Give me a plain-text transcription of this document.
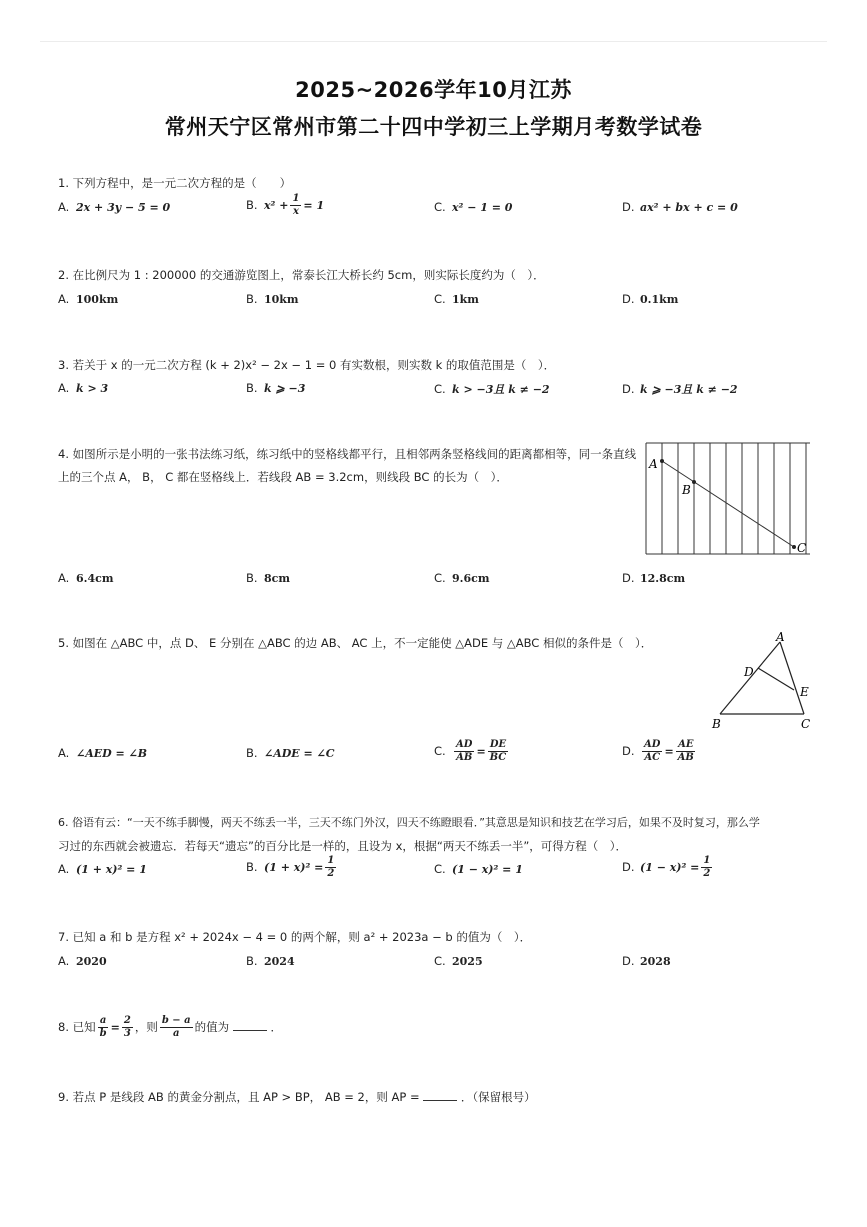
2025~2026学年10月江苏
常州天宁区常州市第二十四中学初三上学期月考数学试卷
1. 下列方程中，是一元二次方程的是（　　）
A. 2x + 3y − 5 = 0	B. $x^2 + \frac{1}{x} = 1$	C. x² − 1 = 0	D. ax² + bx + c = 0
2. 在比例尺为 1 : 200000 的交通游览图上，常泰长江大桥长约 5cm，则实际长度约为（　）．
A. 100km	B. 10km	C. 1km	D. 0.1km
3. 若关于 x 的一元二次方程 (k + 2)x² − 2x − 1 = 0 有实数根，则实数 k 的取值范围是（　）．
A. k > 3	B. k ⩾ −3	C. k > −3且 k ≠ −2	D. k ⩾ −3且 k ≠ −2
4. 如图所示是小明的一张书法练习纸，练习纸中的竖格线都平行，且相邻两条竖格线间的距离都相等，同一条直线
上的三个点 A， B， C 都在竖格线上．若线段 AB = 3.2cm，则线段 BC 的长为（　）．
A
B
C
A. 6.4cm	B. 8cm	C. 9.6cm	D. 12.8cm
5. 如图在 △ABC 中，点 D、 E 分别在 △ABC 的边 AB、 AC 上，不一定能使 △ADE 与 △ABC 相似的条件是（　）．	A
D
E
B	C
A. ∠AED = ∠B	B. ∠ADE = ∠C	C. $\frac{AD}{AB} = \frac{DE}{BC}$	D. $\frac{AD}{AC} = \frac{AE}{AB}$
6. 俗语有云：“一天不练手脚慢，两天不练丢一半，三天不练门外汉，四天不练瞪眼看．”其意思是知识和技艺在学习后，如果不及时复习，那么学
习过的东西就会被遗忘．若每天“遗忘”的百分比是一样的，且设为 x，根据“两天不练丢一半”，可得方程（　）．
A. (1 + x)² = 1	B. $(1 + x)^2 = \frac{1}{2}$	C. (1 − x)² = 1	D. $(1 - x)^2 = \frac{1}{2}$
7. 已知 a 和 b 是方程 x² + 2024x − 4 = 0 的两个解，则 a² + 2023a − b 的值为（　）．
A. 2020	B. 2024	C. 2025	D. 2028
8. 已知 $\frac{a}{b} = \frac{2}{3}$ ，则 $\frac{b - a}{a}$ 的值为	．
9. 若点 P 是线段 AB 的黄金分割点，且 AP > BP， AB = 2，则 AP =	．（保留根号）
